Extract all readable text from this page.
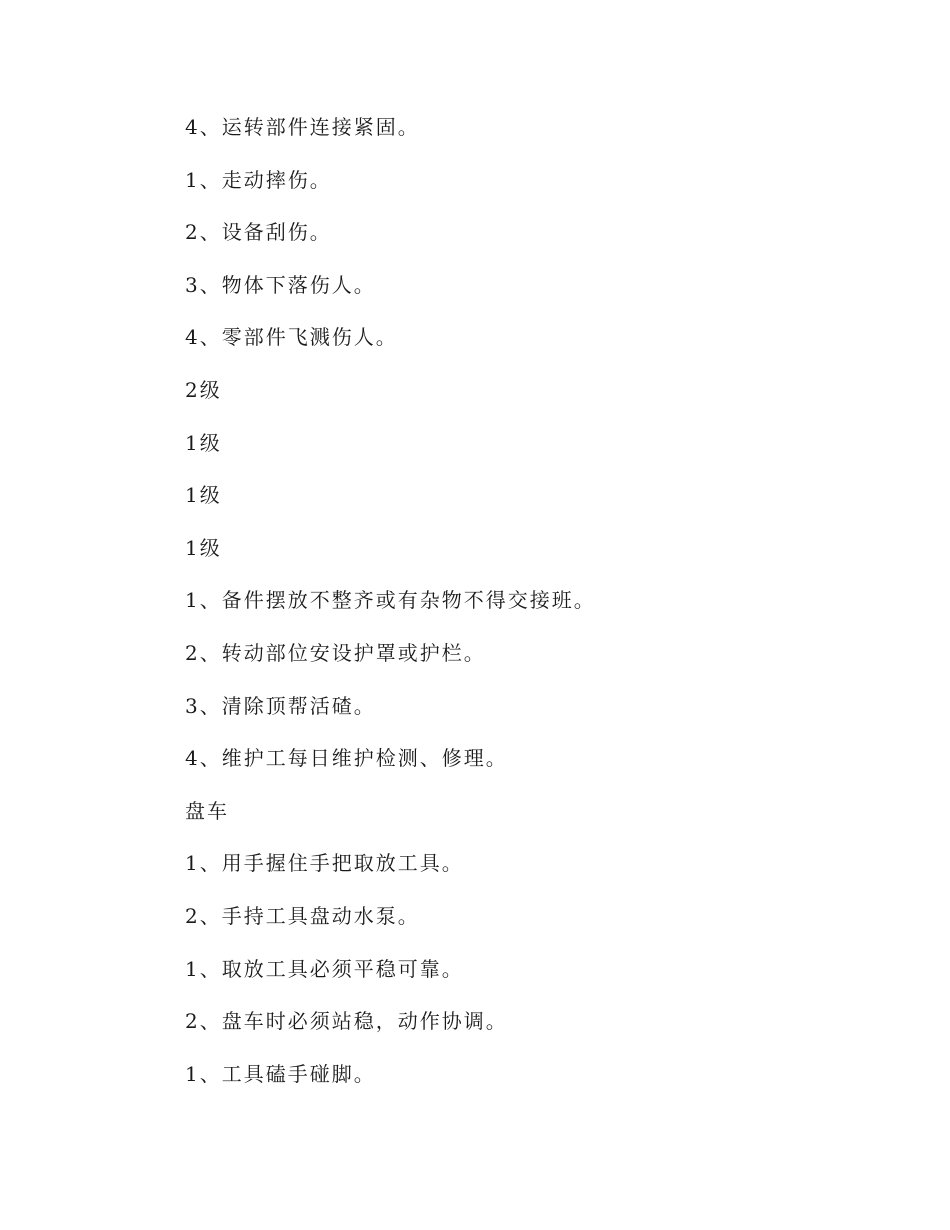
4、运转部件连接紧固。
1、走动摔伤。
2、设备刮伤。
3、物体下落伤人。
4、零部件飞溅伤人。
2级
1级
1级
1级
1、备件摆放不整齐或有杂物不得交接班。
2、转动部位安设护罩或护栏。
3、清除顶帮活碴。
4、维护工每日维护检测、修理。
盘车
1、用手握住手把取放工具。
2、手持工具盘动水泵。
1、取放工具必须平稳可靠。
2、盘车时必须站稳，动作协调。
1、工具磕手碰脚。
